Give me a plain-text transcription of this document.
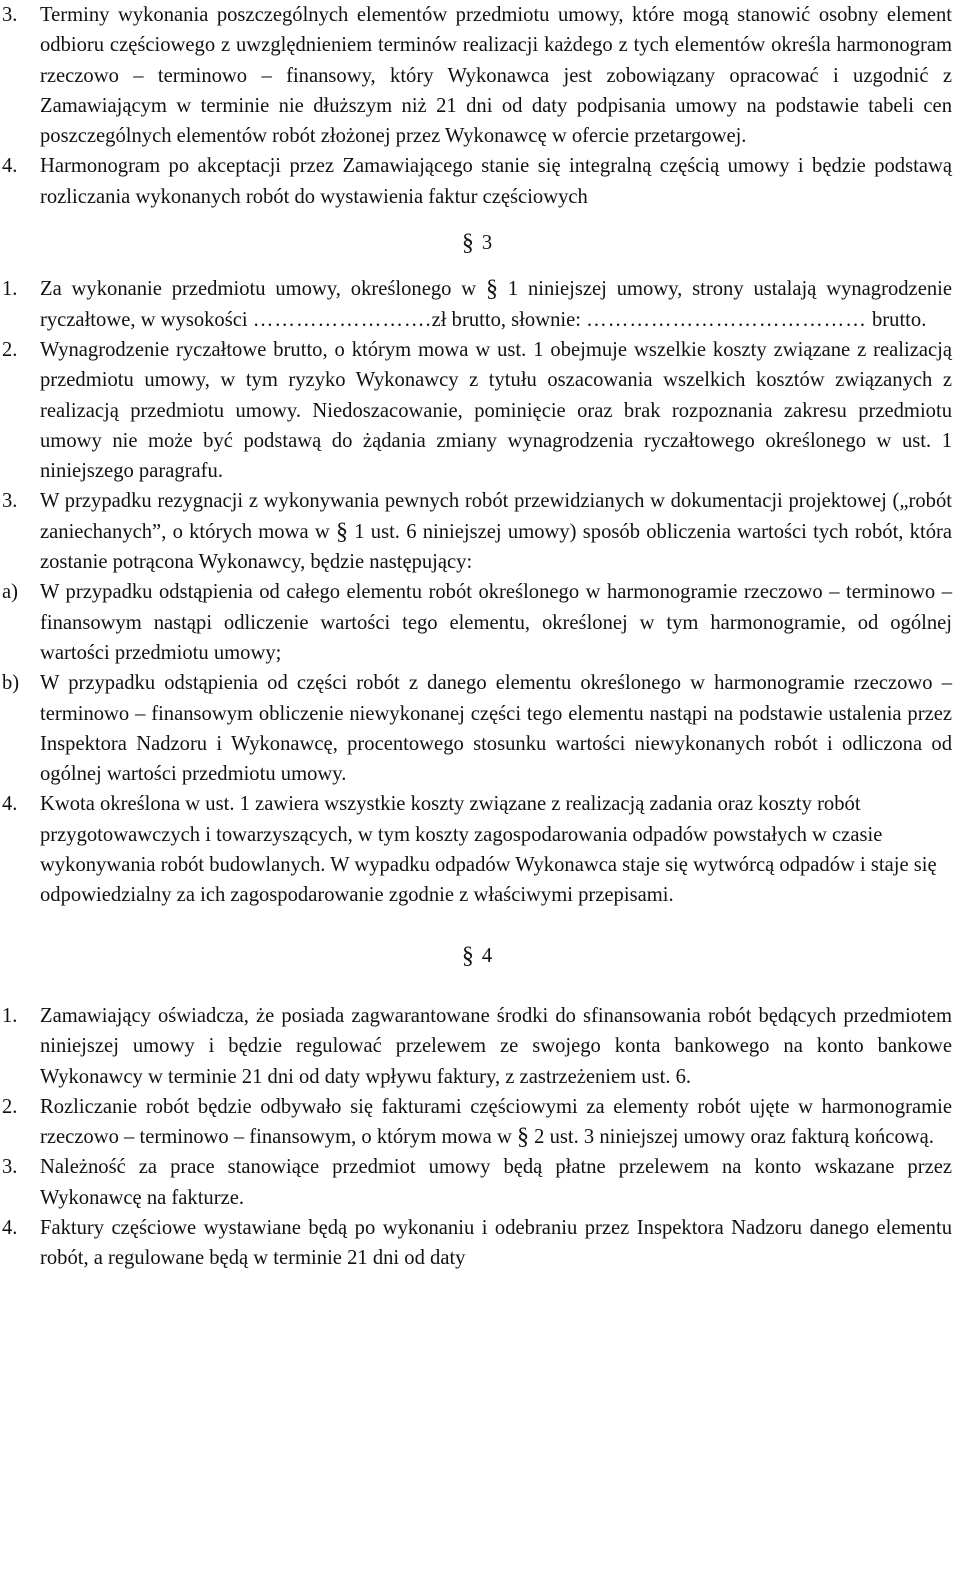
3.	Terminy wykonania poszczególnych elementów przedmiotu umowy, które mogą stanowić osobny element odbioru częściowego z uwzględnieniem terminów realizacji każdego z tych elementów określa harmonogram rzeczowo – terminowo – finansowy, który Wykonawca jest zobowiązany opracować i uzgodnić z Zamawiającym w terminie nie dłuższym niż 21 dni od daty podpisania umowy na podstawie tabeli cen poszczególnych elementów robót złożonej przez Wykonawcę w ofercie przetargowej.
4.	Harmonogram po akceptacji przez Zamawiającego stanie się integralną częścią umowy i będzie podstawą rozliczania wykonanych robót do wystawienia faktur częściowych
§ 3
1.	Za wykonanie przedmiotu umowy, określonego w § 1 niniejszej umowy, strony ustalają wynagrodzenie ryczałtowe, w wysokości …………………….zł brutto, słownie: ………………………………… brutto.
2.	Wynagrodzenie ryczałtowe brutto, o którym mowa w ust. 1 obejmuje wszelkie koszty związane z realizacją przedmiotu umowy, w tym ryzyko Wykonawcy z tytułu oszacowania wszelkich kosztów związanych z realizacją przedmiotu umowy. Niedoszacowanie, pominięcie oraz brak rozpoznania zakresu przedmiotu umowy nie może być podstawą do żądania zmiany wynagrodzenia ryczałtowego określonego w ust. 1 niniejszego paragrafu.
3.	W przypadku rezygnacji z wykonywania pewnych robót przewidzianych w dokumentacji projektowej („robót zaniechanych”, o których mowa w § 1 ust. 6 niniejszej umowy) sposób obliczenia wartości tych robót, która zostanie potrącona Wykonawcy, będzie następujący:
a)	W przypadku odstąpienia od całego elementu robót określonego w harmonogramie rzeczowo – terminowo – finansowym nastąpi odliczenie wartości tego elementu, określonej w tym harmonogramie, od ogólnej wartości przedmiotu umowy;
b)	W przypadku odstąpienia od części robót z danego elementu określonego w harmonogramie rzeczowo – terminowo – finansowym obliczenie niewykonanej części tego elementu nastąpi na podstawie ustalenia przez Inspektora Nadzoru i Wykonawcę, procentowego stosunku wartości niewykonanych robót i odliczona od ogólnej wartości przedmiotu umowy.
4.	Kwota określona w ust. 1 zawiera wszystkie koszty związane z realizacją zadania oraz koszty robót przygotowawczych i towarzyszących, w tym koszty zagospodarowania odpadów powstałych w czasie wykonywania robót budowlanych. W wypadku odpadów Wykonawca staje się wytwórcą odpadów i staje się odpowiedzialny za ich zagospodarowanie zgodnie z właściwymi przepisami.
§ 4
1.	Zamawiający oświadcza, że posiada zagwarantowane środki do sfinansowania robót będących przedmiotem niniejszej umowy i będzie regulować przelewem ze swojego konta bankowego na konto bankowe Wykonawcy w terminie 21 dni od daty wpływu faktury, z zastrzeżeniem ust. 6.
2.	Rozliczanie robót będzie odbywało się fakturami częściowymi za elementy robót ujęte w harmonogramie rzeczowo – terminowo – finansowym, o którym mowa w § 2 ust. 3 niniejszej umowy oraz fakturą końcową.
3.	Należność za prace stanowiące przedmiot umowy będą płatne przelewem na konto wskazane przez Wykonawcę na fakturze.
4.	Faktury częściowe wystawiane będą po wykonaniu i odebraniu przez Inspektora Nadzoru danego elementu robót, a regulowane będą w terminie 21 dni od daty
